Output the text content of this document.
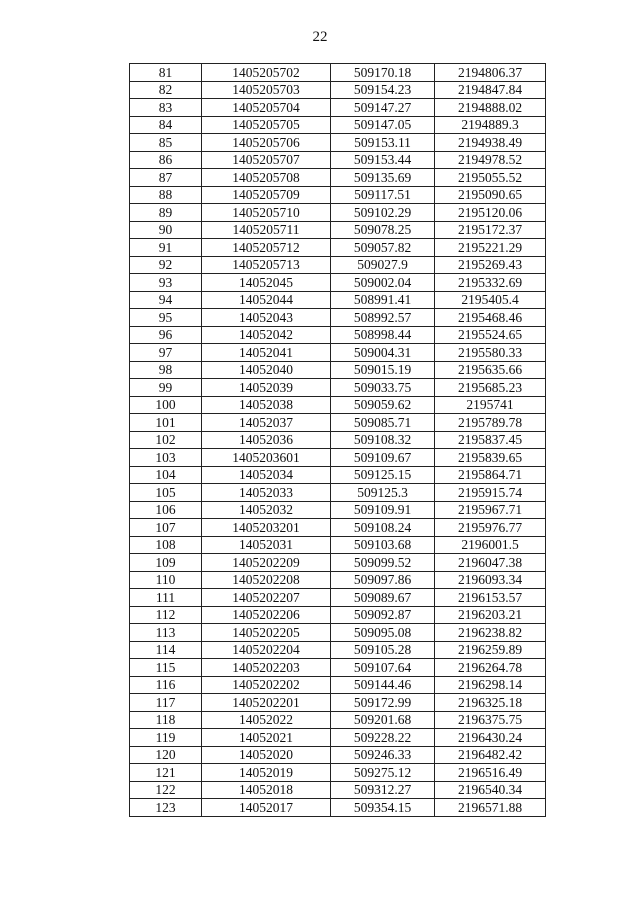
22
81	1405205702	509170.18	2194806.37
82	1405205703	509154.23	2194847.84
83	1405205704	509147.27	2194888.02
84	1405205705	509147.05	2194889.3
85	1405205706	509153.11	2194938.49
86	1405205707	509153.44	2194978.52
87	1405205708	509135.69	2195055.52
88	1405205709	509117.51	2195090.65
89	1405205710	509102.29	2195120.06
90	1405205711	509078.25	2195172.37
91	1405205712	509057.82	2195221.29
92	1405205713	509027.9	2195269.43
93	14052045	509002.04	2195332.69
94	14052044	508991.41	2195405.4
95	14052043	508992.57	2195468.46
96	14052042	508998.44	2195524.65
97	14052041	509004.31	2195580.33
98	14052040	509015.19	2195635.66
99	14052039	509033.75	2195685.23
100	14052038	509059.62	2195741
101	14052037	509085.71	2195789.78
102	14052036	509108.32	2195837.45
103	1405203601	509109.67	2195839.65
104	14052034	509125.15	2195864.71
105	14052033	509125.3	2195915.74
106	14052032	509109.91	2195967.71
107	1405203201	509108.24	2195976.77
108	14052031	509103.68	2196001.5
109	1405202209	509099.52	2196047.38
110	1405202208	509097.86	2196093.34
111	1405202207	509089.67	2196153.57
112	1405202206	509092.87	2196203.21
113	1405202205	509095.08	2196238.82
114	1405202204	509105.28	2196259.89
115	1405202203	509107.64	2196264.78
116	1405202202	509144.46	2196298.14
117	1405202201	509172.99	2196325.18
118	14052022	509201.68	2196375.75
119	14052021	509228.22	2196430.24
120	14052020	509246.33	2196482.42
121	14052019	509275.12	2196516.49
122	14052018	509312.27	2196540.34
123	14052017	509354.15	2196571.88
